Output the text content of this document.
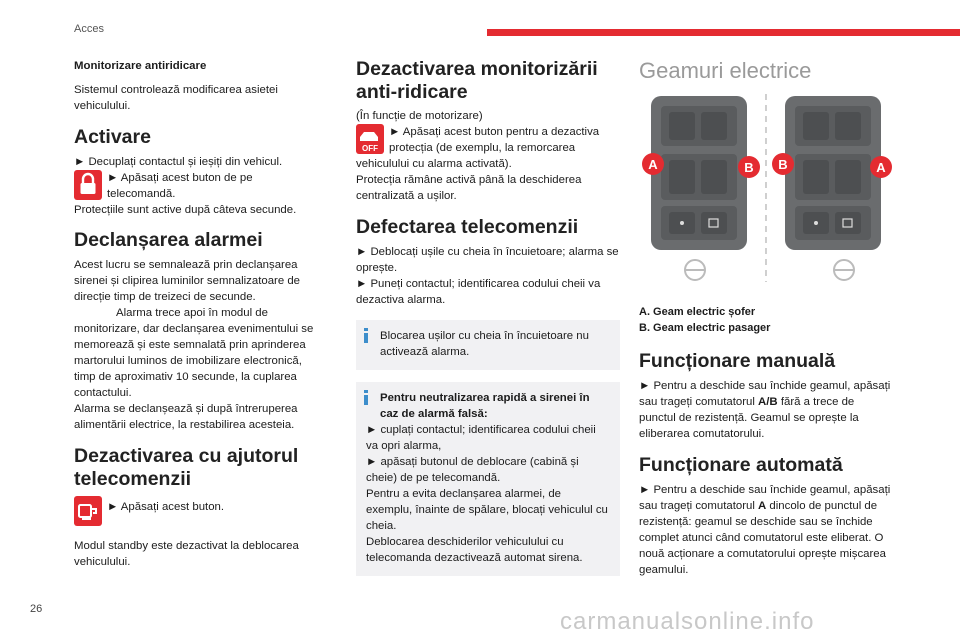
Acces

Monitorizare antiridicare

Sistemul controlează modificarea asietei vehiculului.

Activare

► Decuplați contactul și ieșiți din vehicul.

► Apăsați acest buton de pe telecomandă.

Protecțiile sunt active după câteva secunde.

Declanșarea alarmei

Acest lucru se semnalează prin declanșarea sirenei și clipirea luminilor semnalizatoare de direcție timp de treizeci de secunde.

Alarma trece apoi în modul de monitorizare, dar declanșarea evenimentului se memorează și este semnalată prin aprinderea martorului luminos de imobilizare electronică, timp de aproximativ 10 secunde, la cuplarea contactului.

Alarma se declanșează și după întreruperea alimentării electrice, la restabilirea acesteia.

Dezactivarea cu ajutorul telecomenzii

► Apăsați acest buton.

Modul standby este dezactivat la deblocarea vehiculului.

Dezactivarea monitorizării anti-ridicare

(În funcție de motorizare)

OFF

► Apăsați acest buton pentru a dezactiva protecția (de exemplu, la remorcarea vehiculului cu alarma activată).

Protecția rămâne activă până la deschiderea centralizată a ușilor.

Defectarea telecomenzii

► Deblocați ușile cu cheia în încuietoare; alarma se oprește.

► Puneți contactul; identificarea codului cheii va dezactiva alarma.

Blocarea ușilor cu cheia în încuietoare nu activează alarma.

Pentru neutralizarea rapidă a sirenei în caz de alarmă falsă:

► cuplați contactul; identificarea codului cheii va opri alarma,

► apăsați butonul de deblocare (cabină și cheie) de pe telecomandă.

Pentru a evita declanșarea alarmei, de exemplu, înainte de spălare, blocați vehiculul cu cheia.

Deblocarea deschiderilor vehiculului cu telecomanda dezactivează automat sirena.

Geamuri electrice
A	B B	A

A. Geam electric șofer

B. Geam electric pasager

Funcționare manuală

► Pentru a deschide sau închide geamul, apăsați sau trageți comutatorul A/B fără a trece de punctul de rezistență. Geamul se oprește la eliberarea comutatorului.

Funcționare automată

► Pentru a deschide sau închide geamul, apăsați sau trageți comutatorul A dincolo de punctul de rezistență: geamul se deschide sau se închide complet atunci când comutatorul este eliberat. O nouă acționare a comutatorului oprește mișcarea geamului.

26	carmanualsonline.info
